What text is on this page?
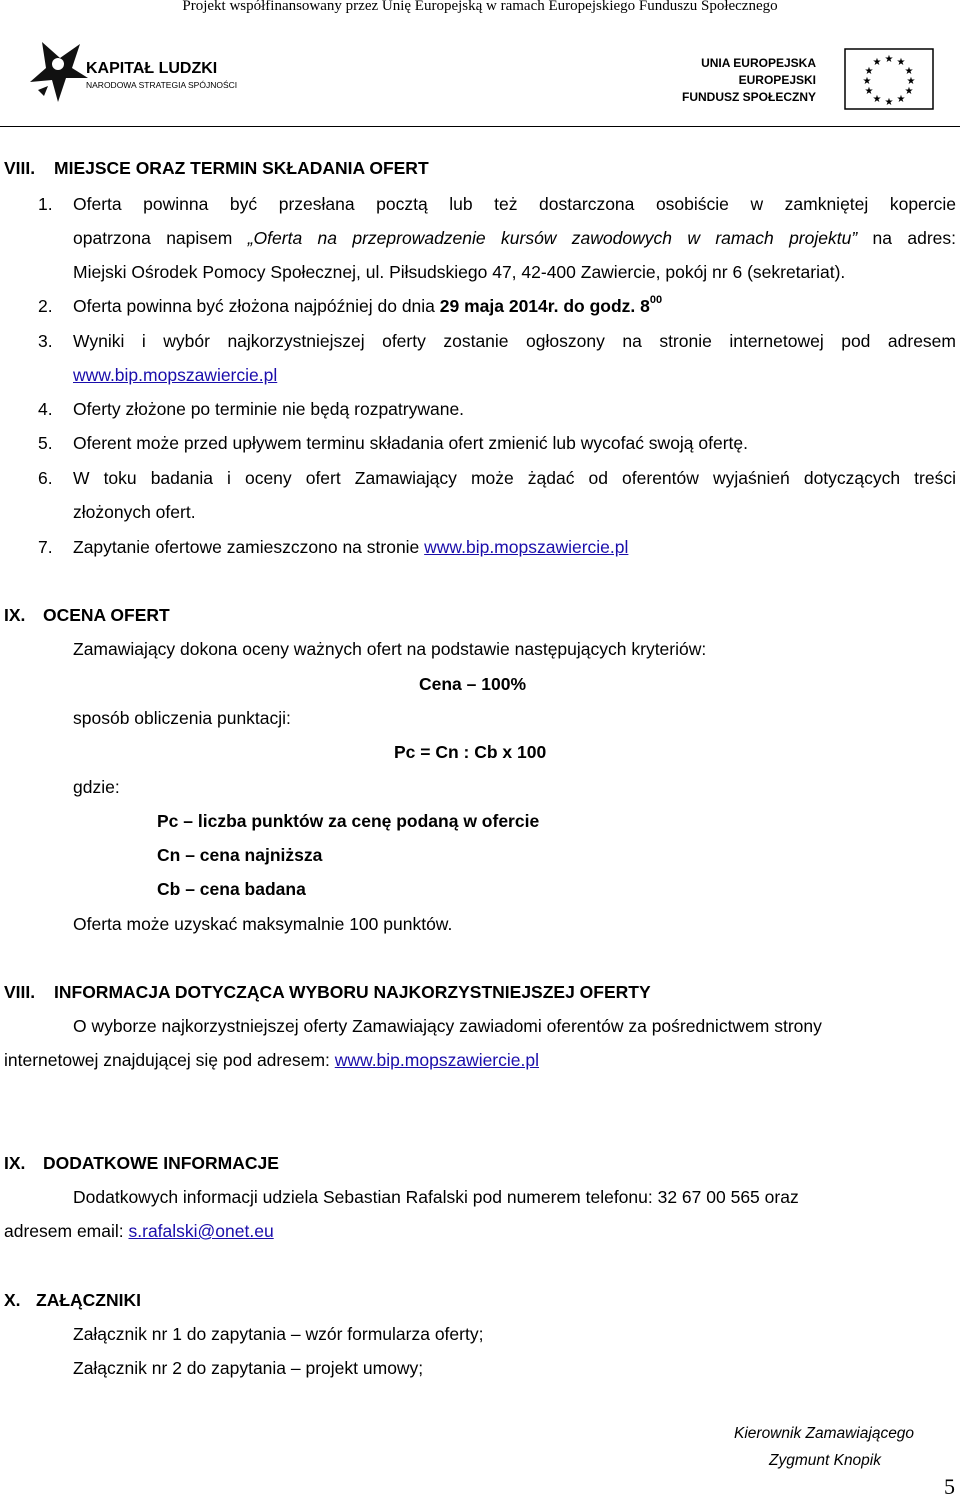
Projekt współfinansowany przez Unię Europejską w ramach Europejskiego Funduszu Społecznego
KAPITAŁ LUDZKI
NARODOWA STRATEGIA SPÓJNOŚCI
UNIA EUROPEJSKA
EUROPEJSKI
FUNDUSZ SPOŁECZNY
★ ★
★
★
★
★
★
★
★
★
★
★
VIII. MIEJSCE ORAZ TERMIN SKŁADANIA OFERT
1. Oferta powinna być przesłana pocztą lub też dostarczona osobiście w zamkniętej kopercie
opatrzona napisem „Oferta na przeprowadzenie kursów zawodowych w ramach projektu” na adres:
Miejski Ośrodek Pomocy Społecznej, ul. Piłsudskiego 47, 42-400 Zawiercie, pokój nr 6 (sekretariat).
2. Oferta powinna być złożona najpóźniej do dnia 29 maja 2014r. do godz. $8^{00}$
3. Wyniki i wybór najkorzystniejszej oferty zostanie ogłoszony na stronie internetowej pod adresem
www.bip.mopszawiercie.pl
4. Oferty złożone po terminie nie będą rozpatrywane.
5. Oferent może przed upływem terminu składania ofert zmienić lub wycofać swoją ofertę.
6. W toku badania i oceny ofert Zamawiający może żądać od oferentów wyjaśnień dotyczących treści
złożonych ofert.
7. Zapytanie ofertowe zamieszczono na stronie www.bip.mopszawiercie.pl
IX. OCENA OFERT
Zamawiający dokona oceny ważnych ofert na podstawie następujących kryteriów:
Cena – 100%
sposób obliczenia punktacji:
Pc = Cn : Cb x 100
gdzie:
Pc – liczba punktów za cenę podaną w ofercie
Cn – cena najniższa
Cb – cena badana
Oferta może uzyskać maksymalnie 100 punktów.
VIII. INFORMACJA DOTYCZĄCA WYBORU NAJKORZYSTNIEJSZEJ OFERTY
O wyborze najkorzystniejszej oferty Zamawiający zawiadomi oferentów za pośrednictwem strony
internetowej znajdującej się pod adresem: www.bip.mopszawiercie.pl
IX. DODATKOWE INFORMACJE
Dodatkowych informacji udziela Sebastian Rafalski pod numerem telefonu: 32 67 00 565 oraz
adresem email: s.rafalski@onet.eu
X. ZAŁĄCZNIKI
Załącznik nr 1 do zapytania – wzór formularza oferty;
Załącznik nr 2 do zapytania – projekt umowy;
Kierownik Zamawiającego
Zygmunt Knopik
5
